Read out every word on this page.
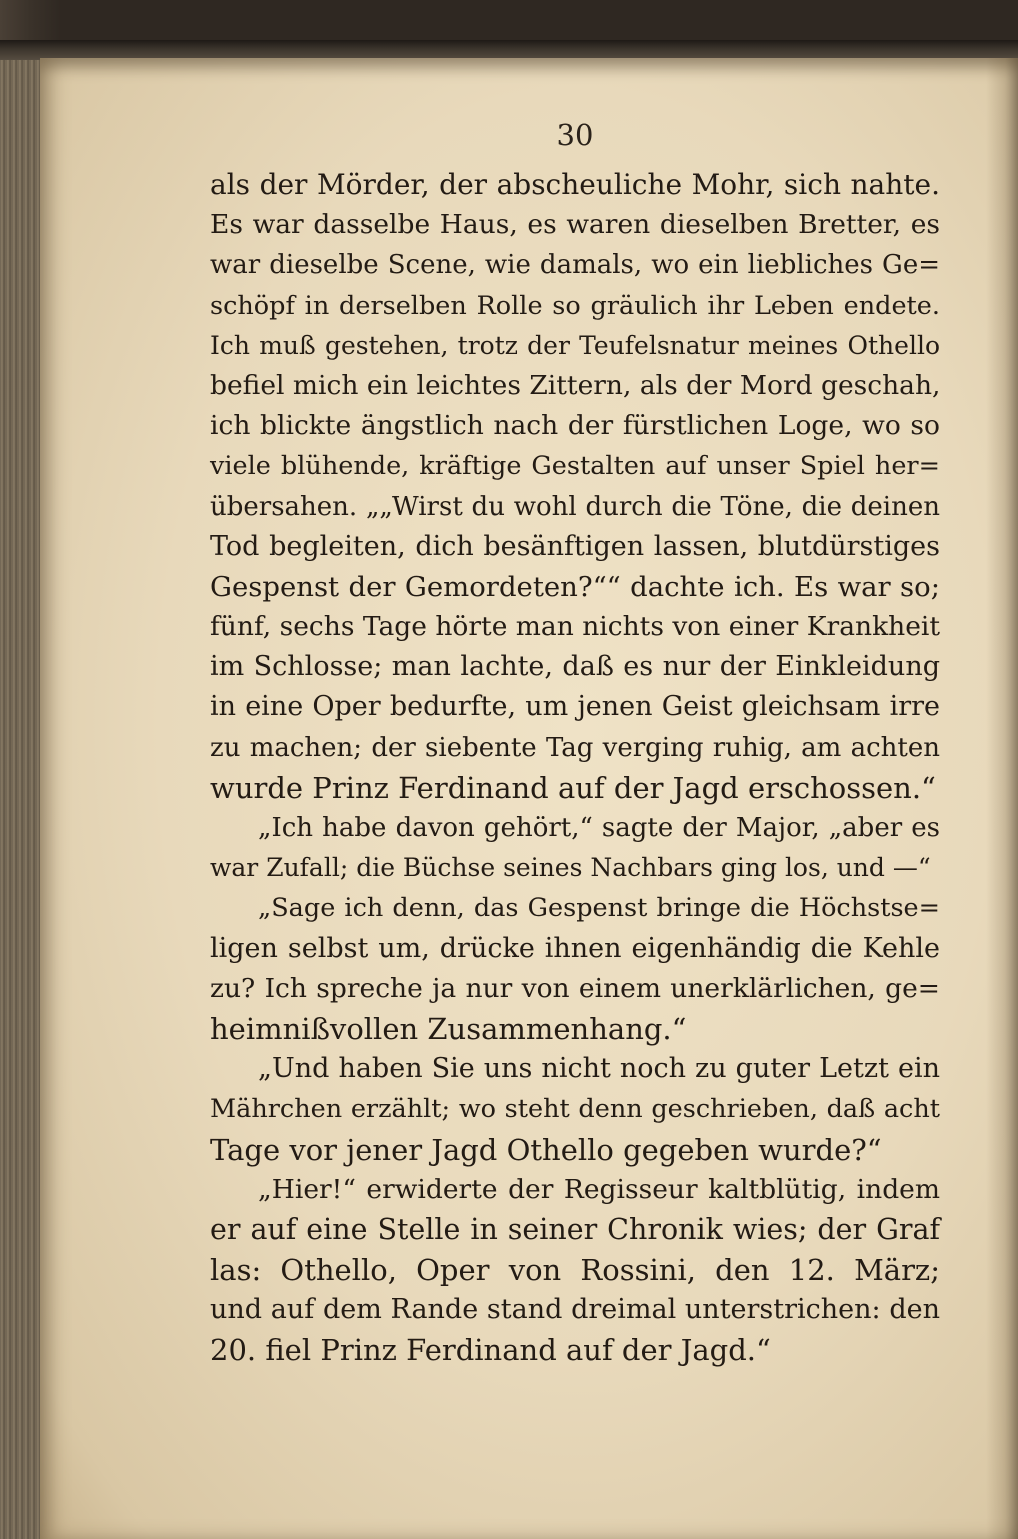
30
als der Mörder, der abscheuliche Mohr, sich nahte.
Es war dasselbe Haus, es waren dieselben Bretter, es
war dieselbe Scene, wie damals, wo ein liebliches Ge=
schöpf in derselben Rolle so gräulich ihr Leben endete.
Ich muß gestehen, trotz der Teufelsnatur meines Othello
befiel mich ein leichtes Zittern, als der Mord geschah,
ich blickte ängstlich nach der fürstlichen Loge, wo so
viele blühende, kräftige Gestalten auf unser Spiel her=
übersahen. „„Wirst du wohl durch die Töne, die deinen
Tod begleiten, dich besänftigen lassen, blutdürstiges
Gespenst der Gemordeten?““ dachte ich. Es war so;
fünf, sechs Tage hörte man nichts von einer Krankheit
im Schlosse; man lachte, daß es nur der Einkleidung
in eine Oper bedurfte, um jenen Geist gleichsam irre
zu machen; der siebente Tag verging ruhig, am achten
wurde Prinz Ferdinand auf der Jagd erschossen.“
„Ich habe davon gehört,“ sagte der Major, „aber es
war Zufall; die Büchse seines Nachbars ging los, und —“
„Sage ich denn, das Gespenst bringe die Höchstse=
ligen selbst um, drücke ihnen eigenhändig die Kehle
zu? Ich spreche ja nur von einem unerklärlichen, ge=
heimnißvollen Zusammenhang.“
„Und haben Sie uns nicht noch zu guter Letzt ein
Mährchen erzählt; wo steht denn geschrieben, daß acht
Tage vor jener Jagd Othello gegeben wurde?“
„Hier!“ erwiderte der Regisseur kaltblütig, indem
er auf eine Stelle in seiner Chronik wies; der Graf
las: Othello, Oper von Rossini, den 12. März;
und auf dem Rande stand dreimal unterstrichen: den
20. fiel Prinz Ferdinand auf der Jagd.“
